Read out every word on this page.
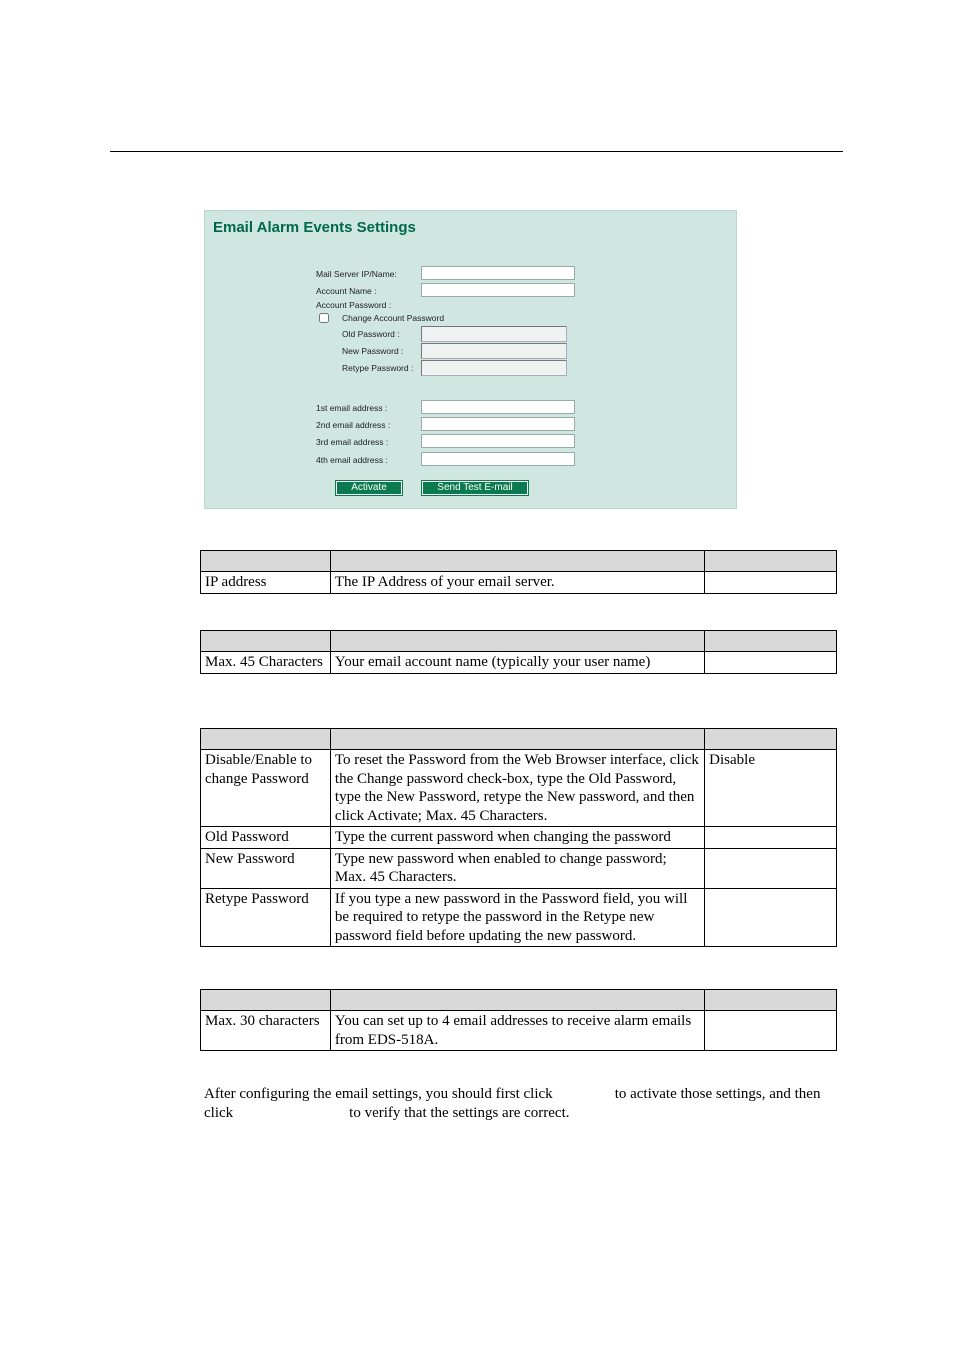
Email Alarm Events Settings
Mail Server IP/Name:
Account Name :
Account Password :
Change Account Password
Old Password :
New Password :
Retype Password :
1st email address :
2nd email address :
3rd email address :
4th email address :
Activate	Send Test E-mail

IP address	The IP Address of your email server.	

Max. 45 Characters	Your email account name (typically your user name)	

Disable/Enable to change Password	To reset the Password from the Web Browser interface, click the Change password check-box, type the Old Password, type the New Password, retype the New password, and then click Activate; Max. 45 Characters.	Disable
Old Password	Type the current password when changing the password	
New Password	Type new password when enabled to change password; Max. 45 Characters.	
Retype Password	If you type a new password in the Password field, you will be required to retype the password in the Retype new password field before updating the new password.	

Max. 30 characters	You can set up to 4 email addresses to receive alarm emails from EDS-518A.	

After configuring the email settings, you should first click	to activate those settings, and then click	to verify that the settings are correct.
